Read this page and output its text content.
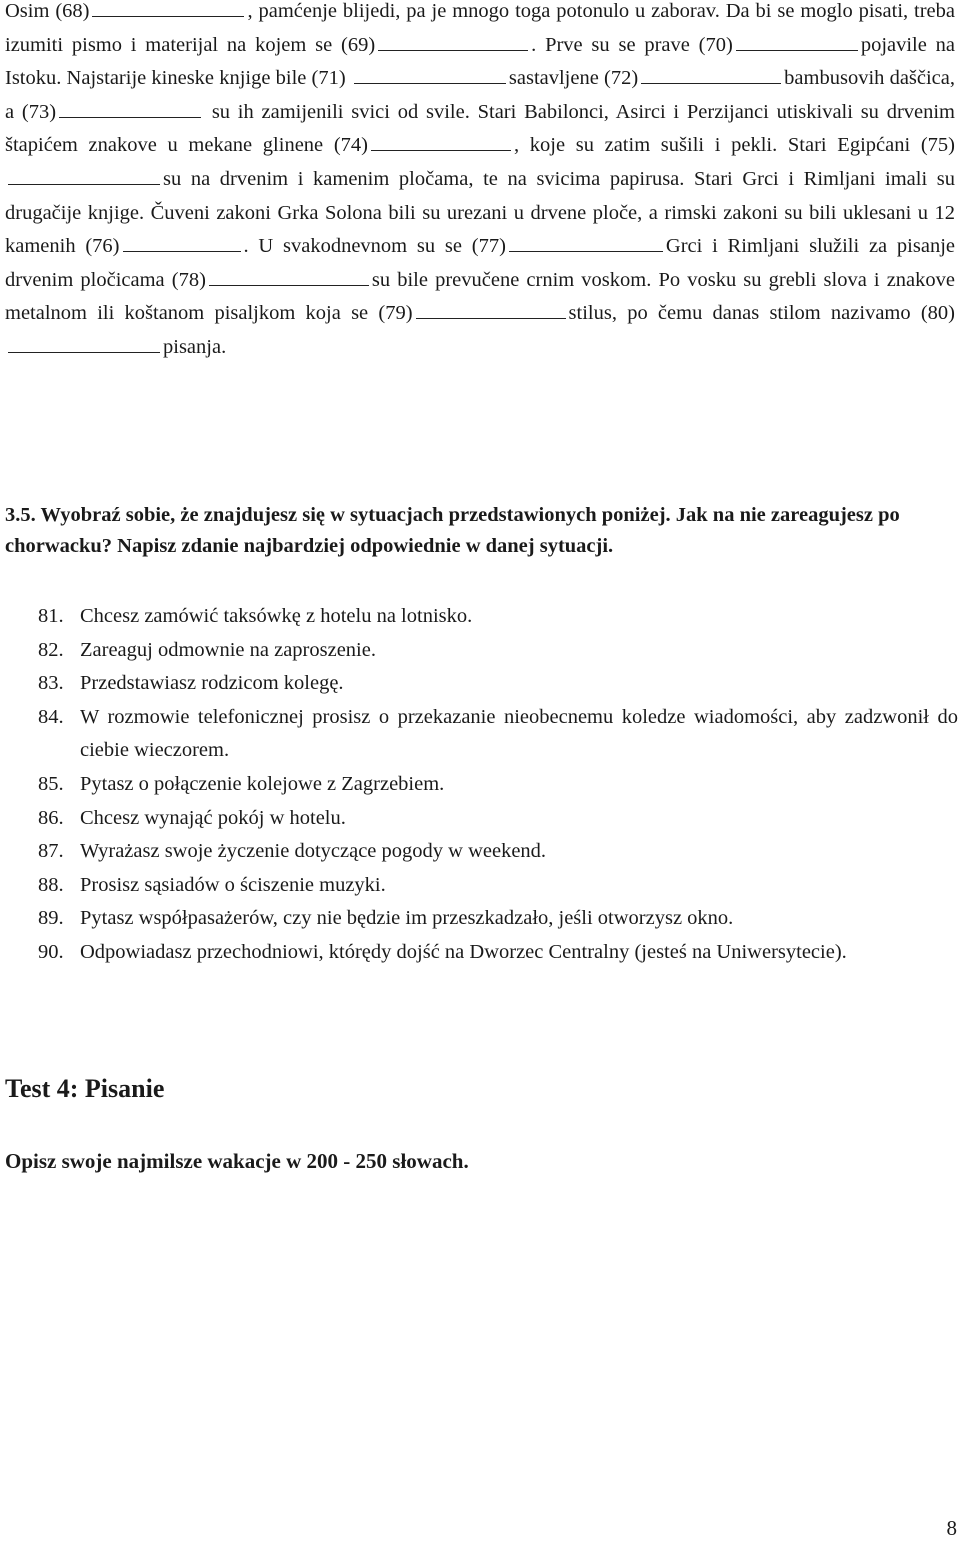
Osim (68)	, pamćenje blijedi, pa je mnogo toga potonulo u zaborav. Da bi se moglo pisati, treba izumiti pismo i materijal na kojem se (69)	. Prve su se prave (70)	pojavile na Istoku. Najstarije kineske knjige bile (71)	sastavljene (72)	bambusovih daščica, a (73)	su ih zamijenili svici od svile. Stari Babilonci, Asirci i Perzijanci utiskivali su drvenim štapićem znakove u mekane glinene (74)	, koje su zatim sušili i pekli. Stari Egipćani (75)su na drvenim i kamenim pločama, te na svicima papirusa. Stari Grci i Rimljani imali su drugačije knjige. Čuveni zakoni Grka Solona bili su urezani u drvene ploče, a rimski zakoni su bili uklesani u 12 kamenih (76)	. U svakodnevnom su se (77)	Grci i Rimljani služili za pisanje drvenim pločicama (78)	su bile prevučene crnim voskom. Po vosku su grebli slova i znakove metalnom ili koštanom pisaljkom koja se (79)	stilus, po čemu danas stilom nazivamo (80)pisanja.

3.5. Wyobraź sobie, że znajdujesz się w sytuacjach przedstawionych poniżej. Jak na nie zareagujesz po chorwacku? Napisz zdanie najbardziej odpowiednie w danej sytuacji.

81. Chcesz zamówić taksówkę z hotelu na lotnisko.
82. Zareaguj odmownie na zaproszenie.
83. Przedstawiasz rodzicom kolegę.
84. W rozmowie telefonicznej prosisz o przekazanie nieobecnemu koledze wiadomości, aby zadzwonił do ciebie wieczorem.
85. Pytasz o połączenie kolejowe z Zagrzebiem.
86. Chcesz wynająć pokój w hotelu.
87. Wyrażasz swoje życzenie dotyczące pogody w weekend.
88. Prosisz sąsiadów o ściszenie muzyki.
89. Pytasz współpasażerów, czy nie będzie im przeszkadzało, jeśli otworzysz okno.
90. Odpowiadasz przechodniowi, którędy dojść na Dworzec Centralny (jesteś na Uniwersytecie).
Test 4: Pisanie

Opisz swoje najmilsze wakacje w 200 - 250 słowach.

8
